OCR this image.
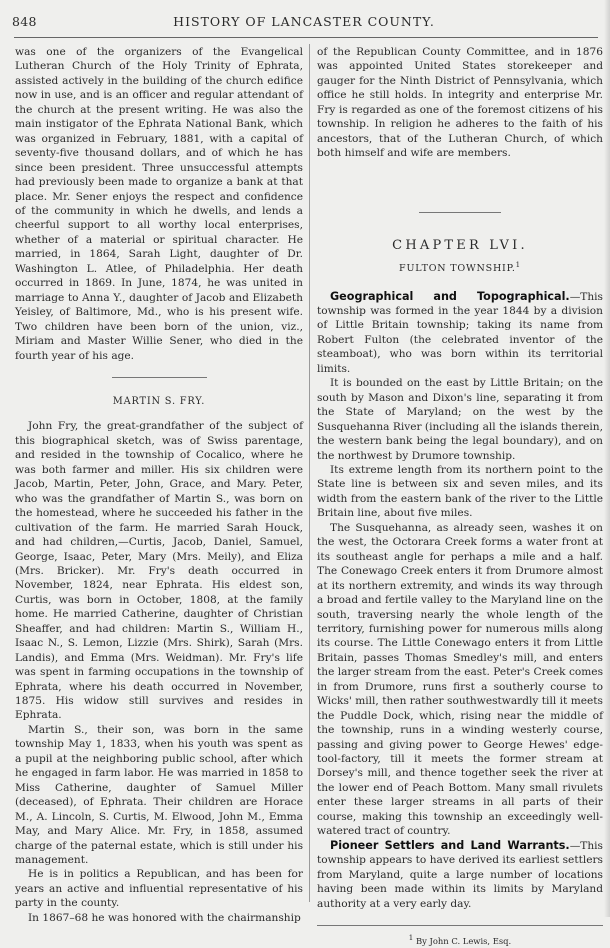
848	HISTORY OF LANCASTER COUNTY.

was one of the organizers of the Evangelical Lutheran Church of the Holy Trinity of Ephrata, assisted actively in the building of the church edifice now in use, and is an officer and regular attendant of the church at the present writing. He was also the main instigator of the Ephrata National Bank, which was organized in February, 1881, with a capital of seventy-five thousand dollars, and of which he has since been president. Three unsuccessful attempts had previously been made to organize a bank at that place. Mr. Sener enjoys the respect and confidence of the community in which he dwells, and lends a cheerful support to all worthy local enterprises, whether of a material or spiritual character. He married, in 1864, Sarah Light, daughter of Dr. Washington L. Atlee, of Philadelphia. Her death occurred in 1869. In June, 1874, he was united in marriage to Anna Y., daughter of Jacob and Elizabeth Yeisley, of Baltimore, Md., who is his present wife. Two children have been born of the union, viz., Miriam and Master Willie Sener, who died in the fourth year of his age.

MARTIN S. FRY.

John Fry, the great-grandfather of the subject of this biographical sketch, was of Swiss parentage, and resided in the township of Cocalico, where he was both farmer and miller. His six children were Jacob, Martin, Peter, John, Grace, and Mary. Peter, who was the grandfather of Martin S., was born on the homestead, where he succeeded his father in the cultivation of the farm. He married Sarah Houck, and had children,—Curtis, Jacob, Daniel, Samuel, George, Isaac, Peter, Mary (Mrs. Meily), and Eliza (Mrs. Bricker). Mr. Fry's death occurred in November, 1824, near Ephrata. His eldest son, Curtis, was born in October, 1808, at the family home. He married Catherine, daughter of Christian Sheaffer, and had children: Martin S., William H., Isaac N., S. Lemon, Lizzie (Mrs. Shirk), Sarah (Mrs. Landis), and Emma (Mrs. Weidman). Mr. Fry's life was spent in farming occupations in the township of Ephrata, where his death occurred in November, 1875. His widow still survives and resides in Ephrata.

Martin S., their son, was born in the same township May 1, 1833, when his youth was spent as a pupil at the neighboring public school, after which he engaged in farm labor. He was married in 1858 to Miss Catherine, daughter of Samuel Miller (deceased), of Ephrata. Their children are Horace M., A. Lincoln, S. Curtis, M. Elwood, John M., Emma May, and Mary Alice. Mr. Fry, in 1858, assumed charge of the paternal estate, which is still under his management.

He is in politics a Republican, and has been for years an active and influential representative of his party in the county.

In 1867–68 he was honored with the chairmanship

of the Republican County Committee, and in 1876 was appointed United States storekeeper and gauger for the Ninth District of Pennsylvania, which office he still holds. In integrity and enterprise Mr. Fry is regarded as one of the foremost citizens of his township. In religion he adheres to the faith of his ancestors, that of the Lutheran Church, of which both himself and wife are members.

CHAPTER LVI.
FULTON TOWNSHIP.$^1$

Geographical and Topographical.—This township was formed in the year 1844 by a division of Little Britain township; taking its name from Robert Fulton (the celebrated inventor of the steamboat), who was born within its territorial limits.

It is bounded on the east by Little Britain; on the south by Mason and Dixon's line, separating it from the State of Maryland; on the west by the Susquehanna River (including all the islands therein, the western bank being the legal boundary), and on the northwest by Drumore township.

Its extreme length from its northern point to the State line is between six and seven miles, and its width from the eastern bank of the river to the Little Britain line, about five miles.

The Susquehanna, as already seen, washes it on the west, the Octorara Creek forms a water front at its southeast angle for perhaps a mile and a half. The Conewago Creek enters it from Drumore almost at its northern extremity, and winds its way through a broad and fertile valley to the Maryland line on the south, traversing nearly the whole length of the territory, furnishing power for numerous mills along its course. The Little Conewago enters it from Little Britain, passes Thomas Smedley's mill, and enters the larger stream from the east. Peter's Creek comes in from Drumore, runs first a southerly course to Wicks' mill, then rather southwestwardly till it meets the Puddle Dock, which, rising near the middle of the township, runs in a winding westerly course, passing and giving power to George Hewes' edge-tool-factory, till it meets the former stream at Dorsey's mill, and thence together seek the river at the lower end of Peach Bottom. Many small rivulets enter these larger streams in all parts of their course, making this township an exceedingly well-watered tract of country.

Pioneer Settlers and Land Warrants.—This township appears to have derived its earliest settlers from Maryland, quite a large number of locations having been made within its limits by Maryland authority at a very early day.

$^1$ By John C. Lewis, Esq.
